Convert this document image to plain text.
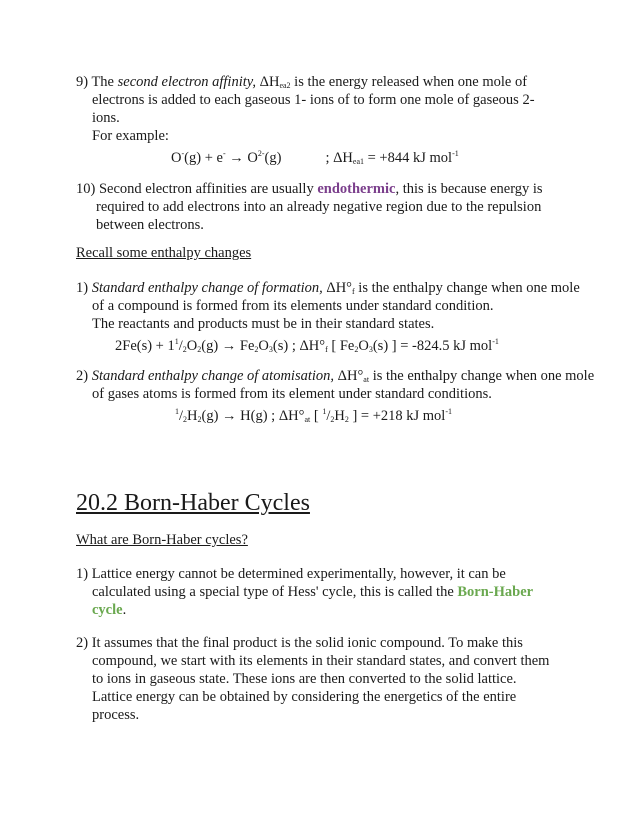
9) The second electron affinity, $\Delta H_{ea2}$ is the energy released when one mole of
electrons is added to each gaseous 1- ions of to form one mole of gaseous 2-
ions.
For example:
$O^-(g) + e^- \to O^{2-}(g)$	; $\Delta H_{ea1} = +844$ kJ mol$^{-1}$
10) Second electron affinities are usually endothermic, this is because energy is
required to add electrons into an already negative region due to the repulsion
between electrons.
Recall some enthalpy changes
1) Standard enthalpy change of formation, $\Delta H^\circ_f$ is the enthalpy change when one mole
of a compound is formed from its elements under standard condition.
The reactants and products must be in their standard states.
$2Fe(s) + 1^1/_2O_2(g) \to Fe_2O_3(s)$ ; $\Delta H^\circ_f$ [ $Fe_2O_3(s)$ ] = -824.5 kJ mol$^{-1}$
2) Standard enthalpy change of atomisation, $\Delta H^\circ_{at}$ is the enthalpy change when one mole
of gases atoms is formed from its element under standard conditions.
$^1/_2H_2(g) \to H(g)$ ; $\Delta H^\circ_{at}$ [ $^1/_2H_2$ ] = +218 kJ mol$^{-1}$
20.2 Born-Haber Cycles
What are Born-Haber cycles?
1) Lattice energy cannot be determined experimentally, however, it can be
calculated using a special type of Hess' cycle, this is called the Born-Haber
cycle.
2) It assumes that the final product is the solid ionic compound. To make this
compound, we start with its elements in their standard states, and convert them
to ions in gaseous state. These ions are then converted to the solid lattice.
Lattice energy can be obtained by considering the energetics of the entire
process.
